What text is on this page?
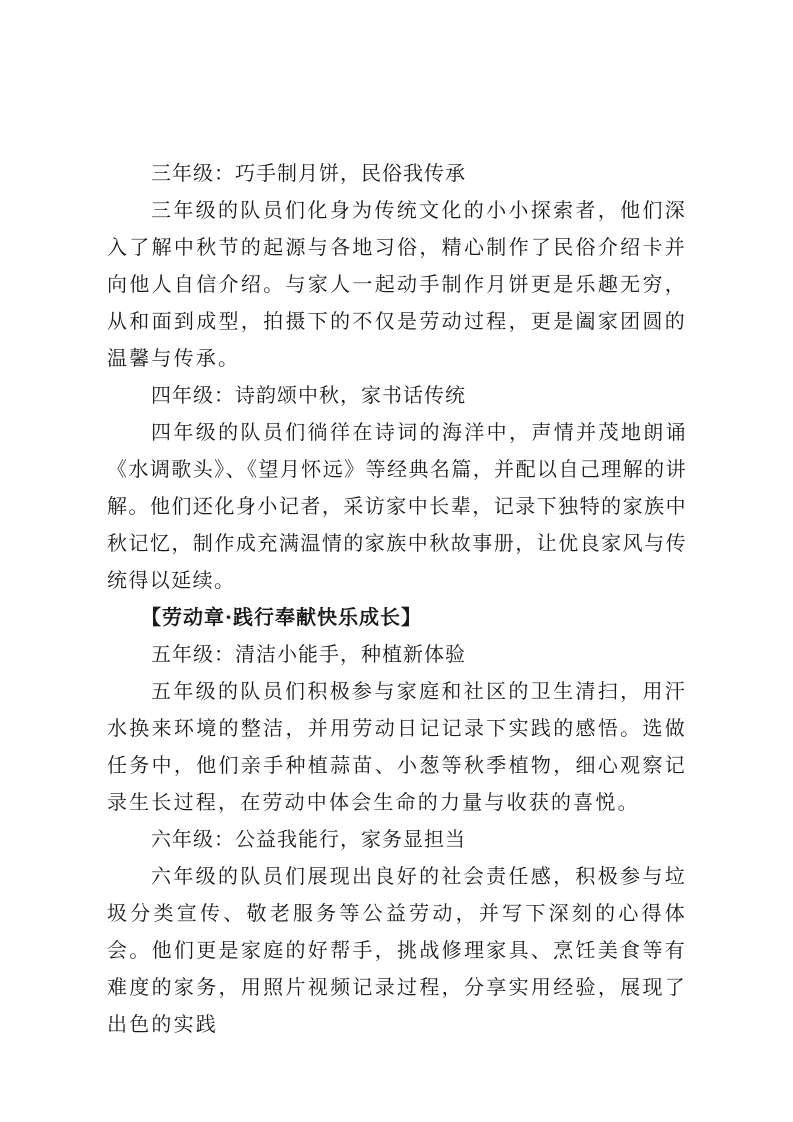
三年级：巧手制月饼，民俗我传承

三年级的队员们化身为传统文化的小小探索者，他们深入了解中秋节的起源与各地习俗，精心制作了民俗介绍卡并向他人自信介绍。与家人一起动手制作月饼更是乐趣无穷，从和面到成型，拍摄下的不仅是劳动过程，更是阖家团圆的温馨与传承。

四年级：诗韵颂中秋，家书话传统

四年级的队员们徜徉在诗词的海洋中，声情并茂地朗诵《水调歌头》、《望月怀远》等经典名篇，并配以自己理解的讲解。他们还化身小记者，采访家中长辈，记录下独特的家族中秋记忆，制作成充满温情的家族中秋故事册，让优良家风与传统得以延续。

【劳动章·践行奉献快乐成长】

五年级：清洁小能手，种植新体验

五年级的队员们积极参与家庭和社区的卫生清扫，用汗水换来环境的整洁，并用劳动日记记录下实践的感悟。选做任务中，他们亲手种植蒜苗、小葱等秋季植物，细心观察记录生长过程，在劳动中体会生命的力量与收获的喜悦。

六年级：公益我能行，家务显担当

六年级的队员们展现出良好的社会责任感，积极参与垃圾分类宣传、敬老服务等公益劳动，并写下深刻的心得体会。他们更是家庭的好帮手，挑战修理家具、烹饪美食等有难度的家务，用照片视频记录过程，分享实用经验，展现了出色的实践
